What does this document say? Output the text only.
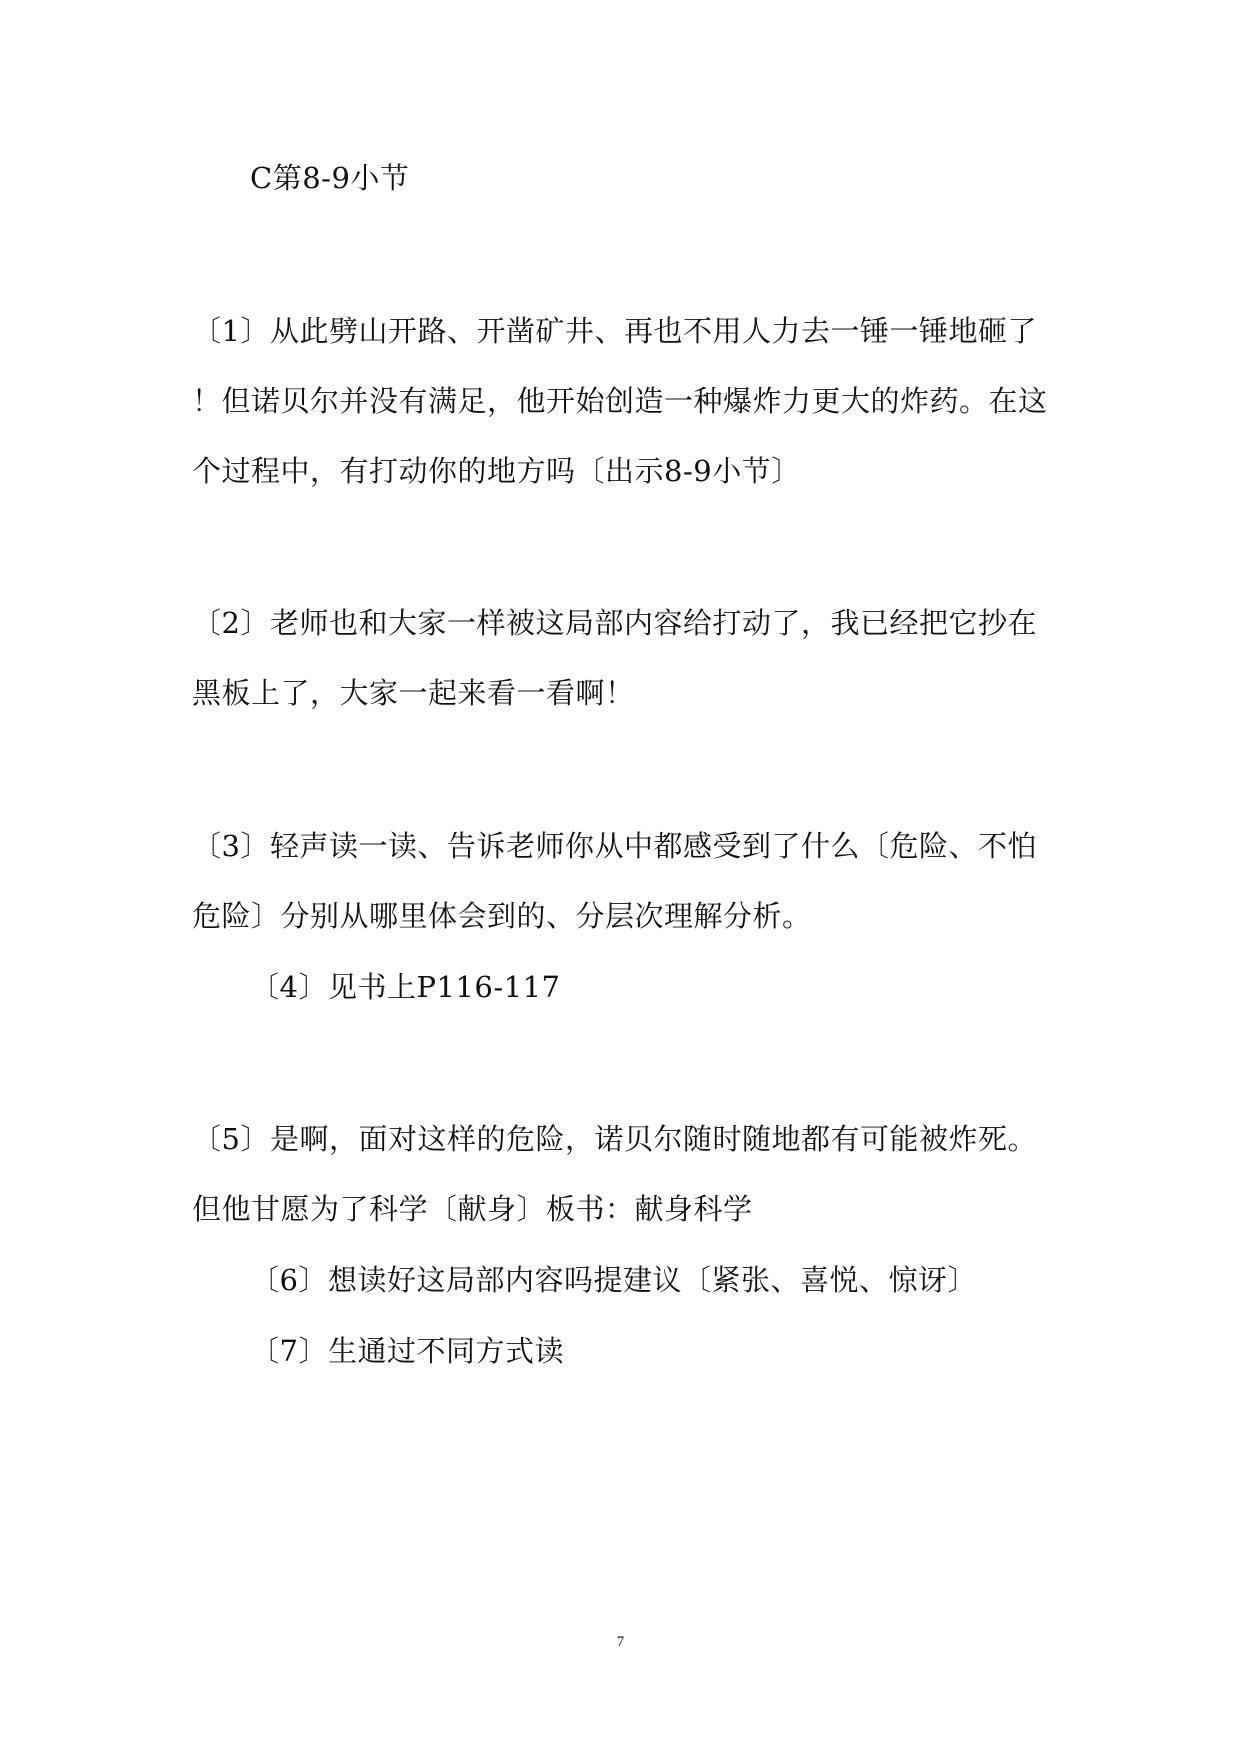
C第8-9小节
〔1〕从此劈山开路、开凿矿井、再也不用人力去一锤一锤地砸了
！但诺贝尔并没有满足，他开始创造一种爆炸力更大的炸药。在这
个过程中，有打动你的地方吗〔出示8-9小节〕
〔2〕老师也和大家一样被这局部内容给打动了，我已经把它抄在
黑板上了，大家一起来看一看啊！
〔3〕轻声读一读、告诉老师你从中都感受到了什么〔危险、不怕
危险〕分别从哪里体会到的、分层次理解分析。
〔4〕见书上P116-117
〔5〕是啊，面对这样的危险，诺贝尔随时随地都有可能被炸死。
但他甘愿为了科学〔献身〕板书：献身科学
〔6〕想读好这局部内容吗提建议〔紧张、喜悦、惊讶〕
〔7〕生通过不同方式读
7
